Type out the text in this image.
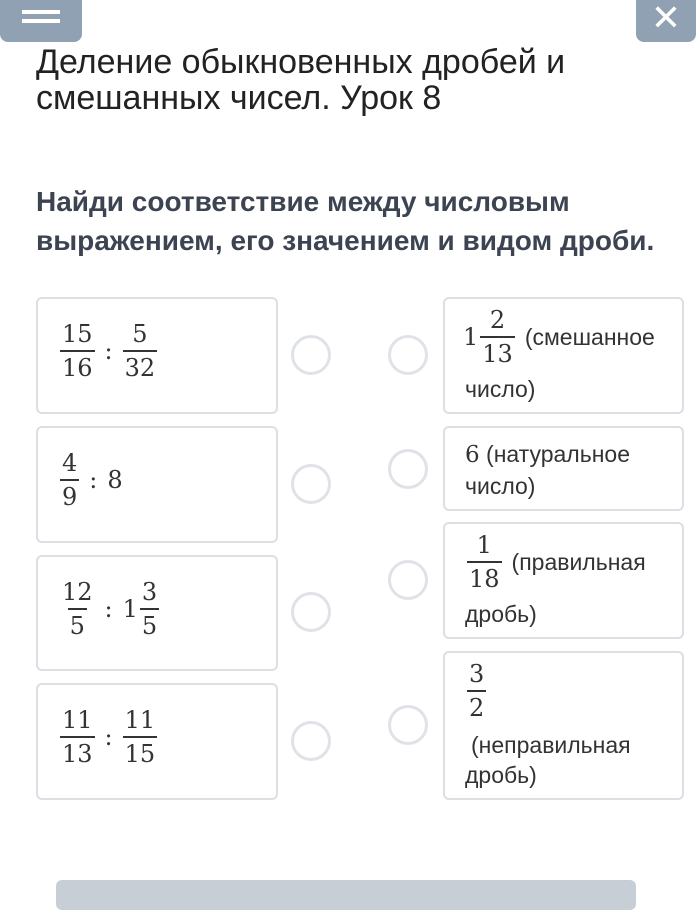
✕
Деление обыкновенных дробей и смешанных чисел. Урок 8

Найди соответствие между числовым выражением, его значением и видом дроби.

$\frac{15}{16}$ : $\frac{5}{32}$
$\frac{4}{9}$ : 8
$\frac{12}{5}$ : $1 \frac{3}{5}$
$\frac{11}{13}$ : $\frac{11}{15}$
$1 \frac{2}{13}$ (смешанное
число)
6 (натуральное
число)
$\frac{1}{18}$ (правильная
дробь)
$\frac{3}{2}$
(неправильная
дробь)
